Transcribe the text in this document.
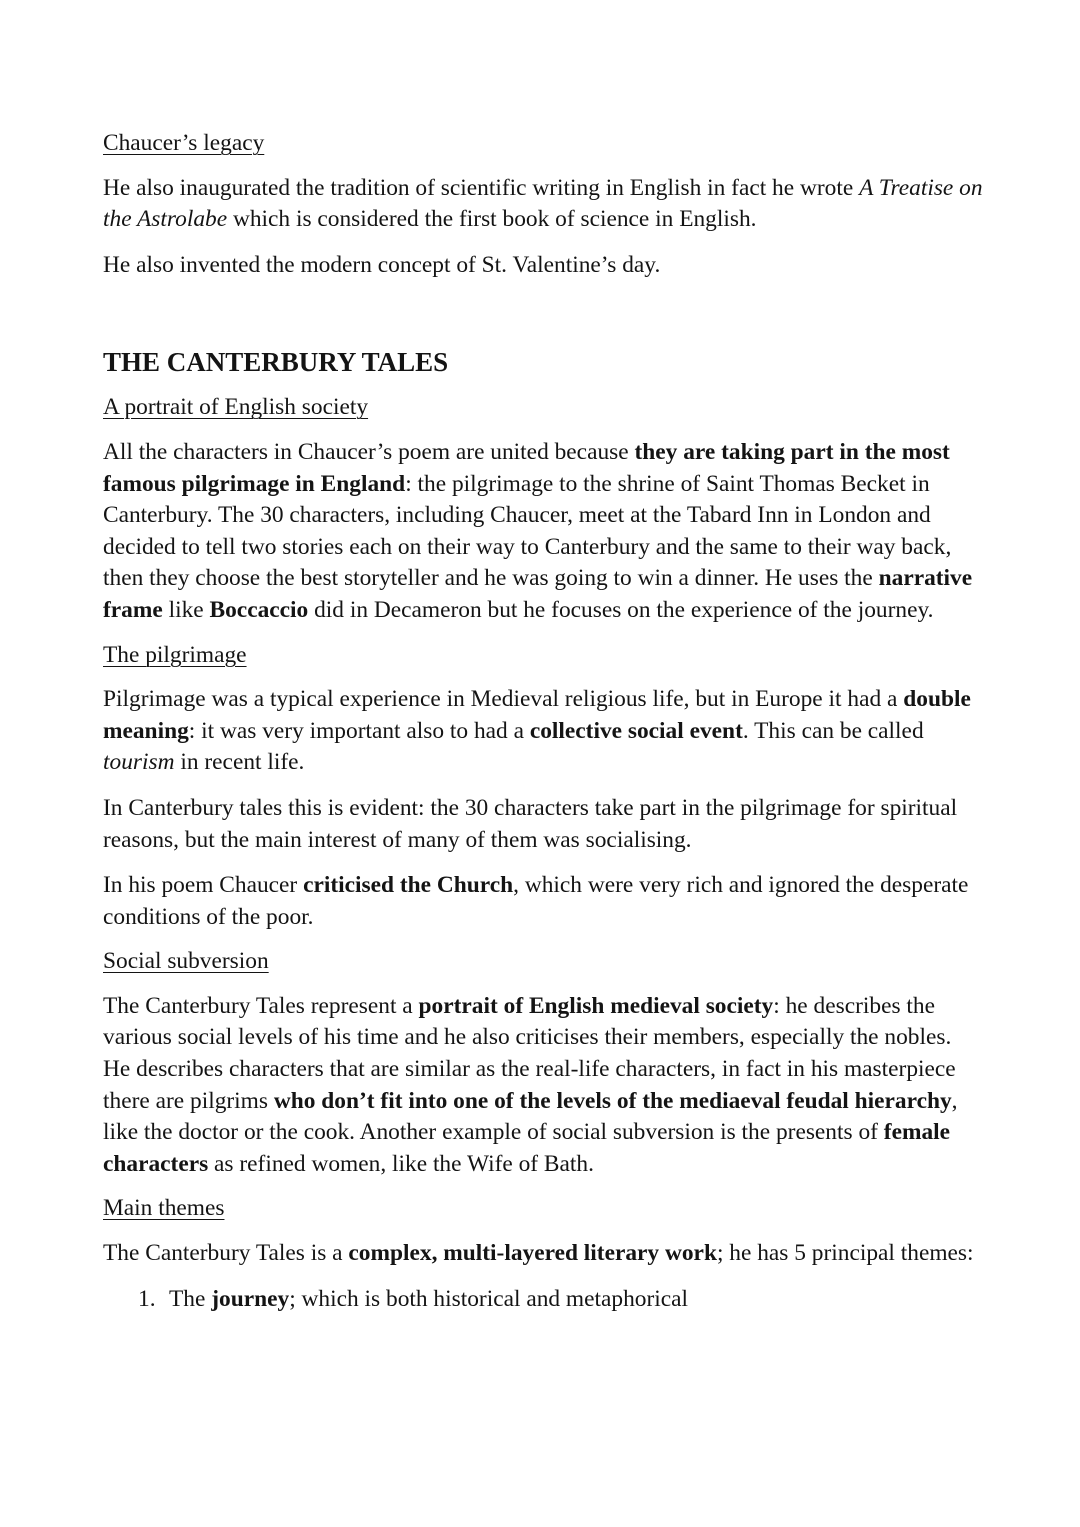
Chaucer’s legacy

He also inaugurated the tradition of scientific writing in English in fact he wrote A Treatise on the Astrolabe which is considered the first book of science in English.

He also invented the modern concept of St. Valentine’s day.

THE CANTERBURY TALES

A portrait of English society

All the characters in Chaucer’s poem are united because they are taking part in the most famous pilgrimage in England: the pilgrimage to the shrine of Saint Thomas Becket in Canterbury. The 30 characters, including Chaucer, meet at the Tabard Inn in London and decided to tell two stories each on their way to Canterbury and the same to their way back, then they choose the best storyteller and he was going to win a dinner. He uses the narrative frame like Boccaccio did in Decameron but he focuses on the experience of the journey.

The pilgrimage

Pilgrimage was a typical experience in Medieval religious life, but in Europe it had a double meaning: it was very important also to had a collective social event. This can be called tourism in recent life.

In Canterbury tales this is evident: the 30 characters take part in the pilgrimage for spiritual reasons, but the main interest of many of them was socialising.

In his poem Chaucer criticised the Church, which were very rich and ignored the desperate conditions of the poor.

Social subversion

The Canterbury Tales represent a portrait of English medieval society: he describes the various social levels of his time and he also criticises their members, especially the nobles. He describes characters that are similar as the real-life characters, in fact in his masterpiece there are pilgrims who don’t fit into one of the levels of the mediaeval feudal hierarchy, like the doctor or the cook. Another example of social subversion is the presents of female characters as refined women, like the Wife of Bath.

Main themes

The Canterbury Tales is a complex, multi-layered literary work; he has 5 principal themes:

1. The journey; which is both historical and metaphorical
